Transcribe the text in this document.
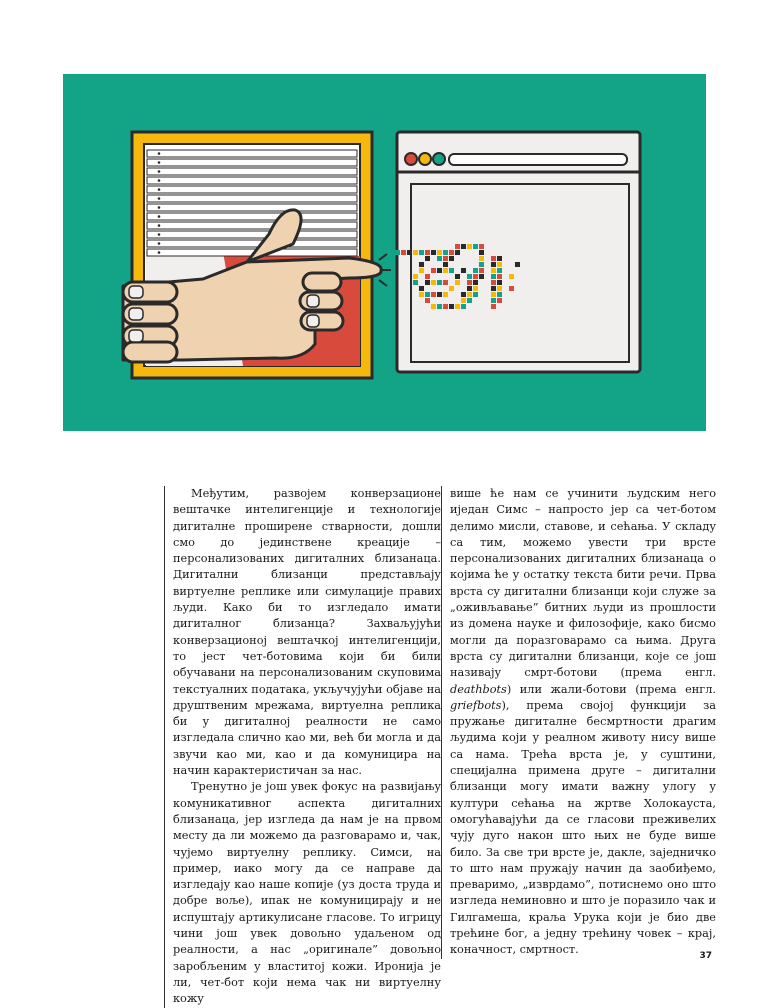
Међутим, развојем конверзационе вештачке интелигенције и технологије дигиталне проширене стварности, дошли смо до јединствене креације – персонализованих дигиталних близанаца. Дигитални близанци представљају виртуелне реплике или симулације правих људи. Како би то изгледало имати дигиталног близанца? Захваљујући конверзационој вештачкој интелигенцији, то јест чет-ботовима који би били обучавани на персонализованим скуповима текстуалних података, укључујући објаве на друштвеним мрежама, виртуелна реплика би у дигиталној реалности не само изгледала слично као ми, већ би могла и да звучи као ми, као и да комуницира на начин карактеристичан за нас.

Тренутно је још увек фокус на развијању комуникативног аспекта дигиталних близанаца, јер изгледа да нам је на првом месту да ли можемо да разговарамо и, чак, чујемо виртуелну реплику. Симси, на пример, иако могу да се направе да изгледају као наше копије (уз доста труда и добре воље), ипак не комуницирају и не испуштају артикулисане гласове. То игрицу чини још увек довољно удаљеном од реалности, а нас „оригинале” довољно заробљеним у властитој кожи. Иронија је ли, чет-бот који нема чак ни виртуелну кожу

више ће нам се учинити људским него иједан Симс – напросто јер са чет-ботом делимо мисли, ставове, и сећања. У складу са тим, можемо увести три врсте персонализованих дигиталних близанаца о којима ће у остатку текста бити речи. Прва врста су дигитални близанци који служе за „оживљавање” битних људи из прошлости из домена науке и филозофије, како бисмо могли да поразговарамо са њима. Друга врста су дигитални близанци, које се још називају смрт-ботови (према енгл. deathbots) или жали-ботови (према енгл. griefbots), према својој функцији за пружање дигиталне бесмртности драгим људима који у реалном животу нису више са нама. Трећа врста је, у суштини, специјална примена друге – дигитални близанци могу имати важну улогу у култури сећања на жртве Холокауста, омогућавајући да се гласови преживелих чују дуго након што њих не буде више било. За све три врсте је, дакле, заједничко то што нам пружају начин да заобиђемо, преваримо, „изврдамо”, потиснемо оно што изгледа неминовно и што је поразило чак и Гилгамеша, краља Урука који је био две трећине бог, а једну трећину човек – крај, коначност, смртност.	37
